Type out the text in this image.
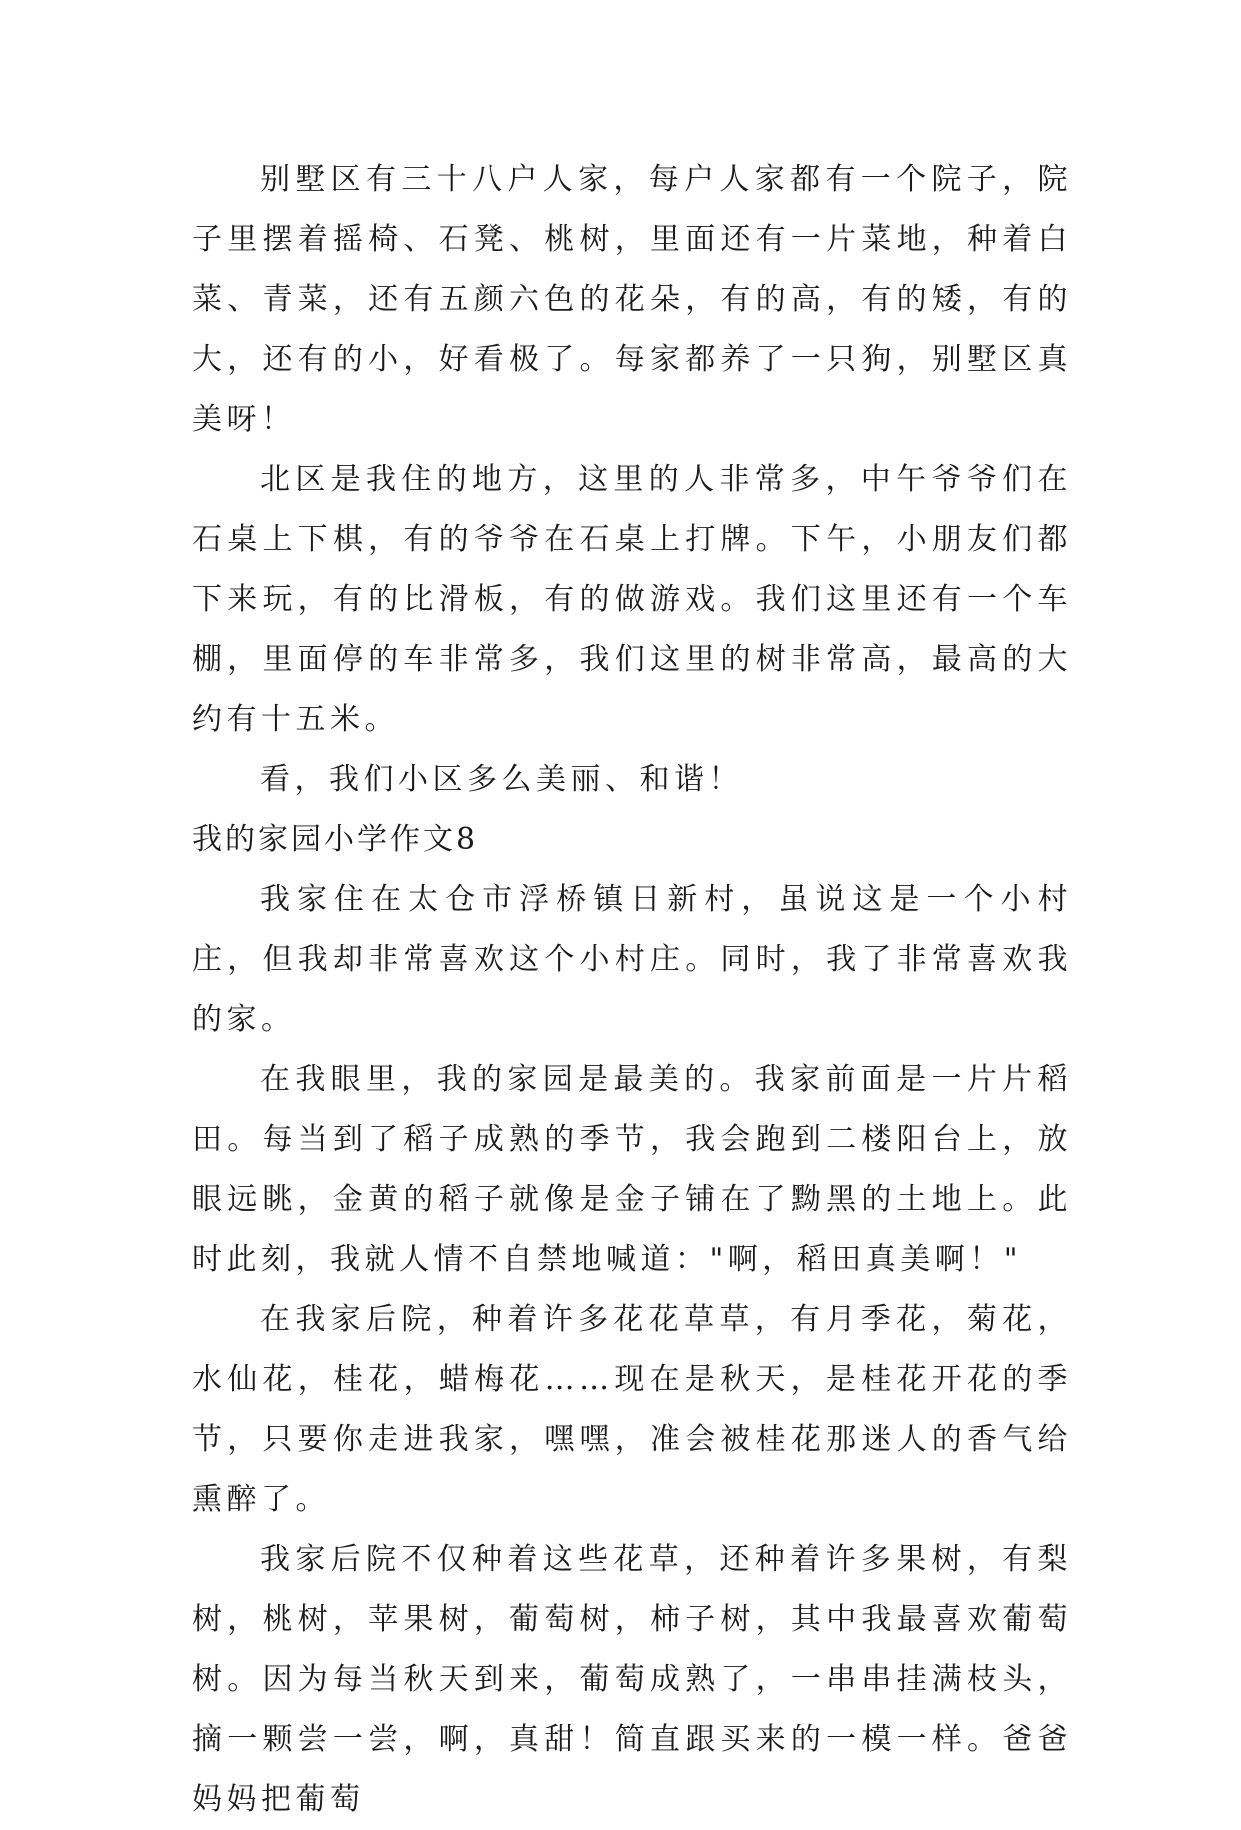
别墅区有三十八户人家，每户人家都有一个院子，院子里摆着摇椅、石凳、桃树，里面还有一片菜地，种着白菜、青菜，还有五颜六色的花朵，有的高，有的矮，有的大，还有的小，好看极了。每家都养了一只狗，别墅区真美呀！

北区是我住的地方，这里的人非常多，中午爷爷们在石桌上下棋，有的爷爷在石桌上打牌。下午，小朋友们都下来玩，有的比滑板，有的做游戏。我们这里还有一个车棚，里面停的车非常多，我们这里的树非常高，最高的大约有十五米。

看，我们小区多么美丽、和谐！

我的家园小学作文8

我家住在太仓市浮桥镇日新村，虽说这是一个小村庄，但我却非常喜欢这个小村庄。同时，我了非常喜欢我的家。

在我眼里，我的家园是最美的。我家前面是一片片稻田。每当到了稻子成熟的季节，我会跑到二楼阳台上，放眼远眺，金黄的稻子就像是金子铺在了黝黑的土地上。此时此刻，我就人情不自禁地喊道："啊，稻田真美啊！"

在我家后院，种着许多花花草草，有月季花，菊花，水仙花，桂花，蜡梅花……现在是秋天，是桂花开花的季节，只要你走进我家，嘿嘿，准会被桂花那迷人的香气给熏醉了。

我家后院不仅种着这些花草，还种着许多果树，有梨树，桃树，苹果树，葡萄树，柿子树，其中我最喜欢葡萄树。因为每当秋天到来，葡萄成熟了，一串串挂满枝头，摘一颗尝一尝，啊，真甜！简直跟买来的一模一样。爸爸妈妈把葡萄
